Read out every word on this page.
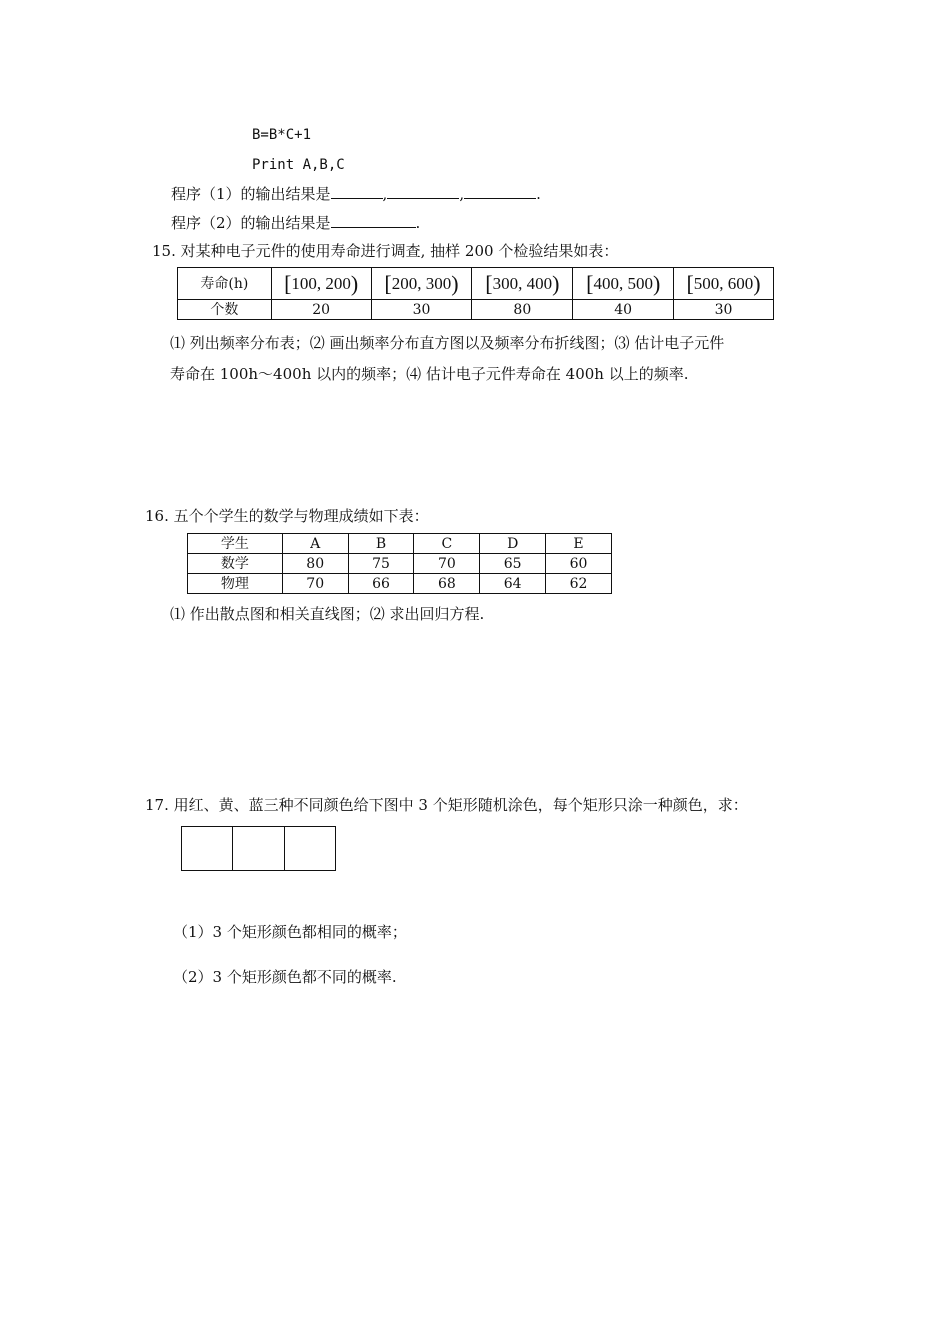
B=B*C+1
Print A,B,C
程序（1）的输出结果是	,	,	.
程序（2）的输出结果是	.
15. 对某种电子元件的使用寿命进行调查, 抽样 200 个检验结果如表：
寿命(h)	[100, 200)	[200, 300)	[300, 400)	[400, 500)	[500, 600)
个数	20	30	80	40	30
⑴ 列出频率分布表；⑵ 画出频率分布直方图以及频率分布折线图；⑶ 估计电子元件
寿命在 100h～400h 以内的频率；⑷ 估计电子元件寿命在 400h 以上的频率.
16. 五个个学生的数学与物理成绩如下表：
学生	A	B	C	D	E
数学	80	75	70	65	60
物理	70	66	68	64	62
⑴ 作出散点图和相关直线图；⑵ 求出回归方程.
17. 用红、黄、蓝三种不同颜色给下图中 3 个矩形随机涂色，每个矩形只涂一种颜色，求：
（1）3 个矩形颜色都相同的概率；
（2）3 个矩形颜色都不同的概率.
